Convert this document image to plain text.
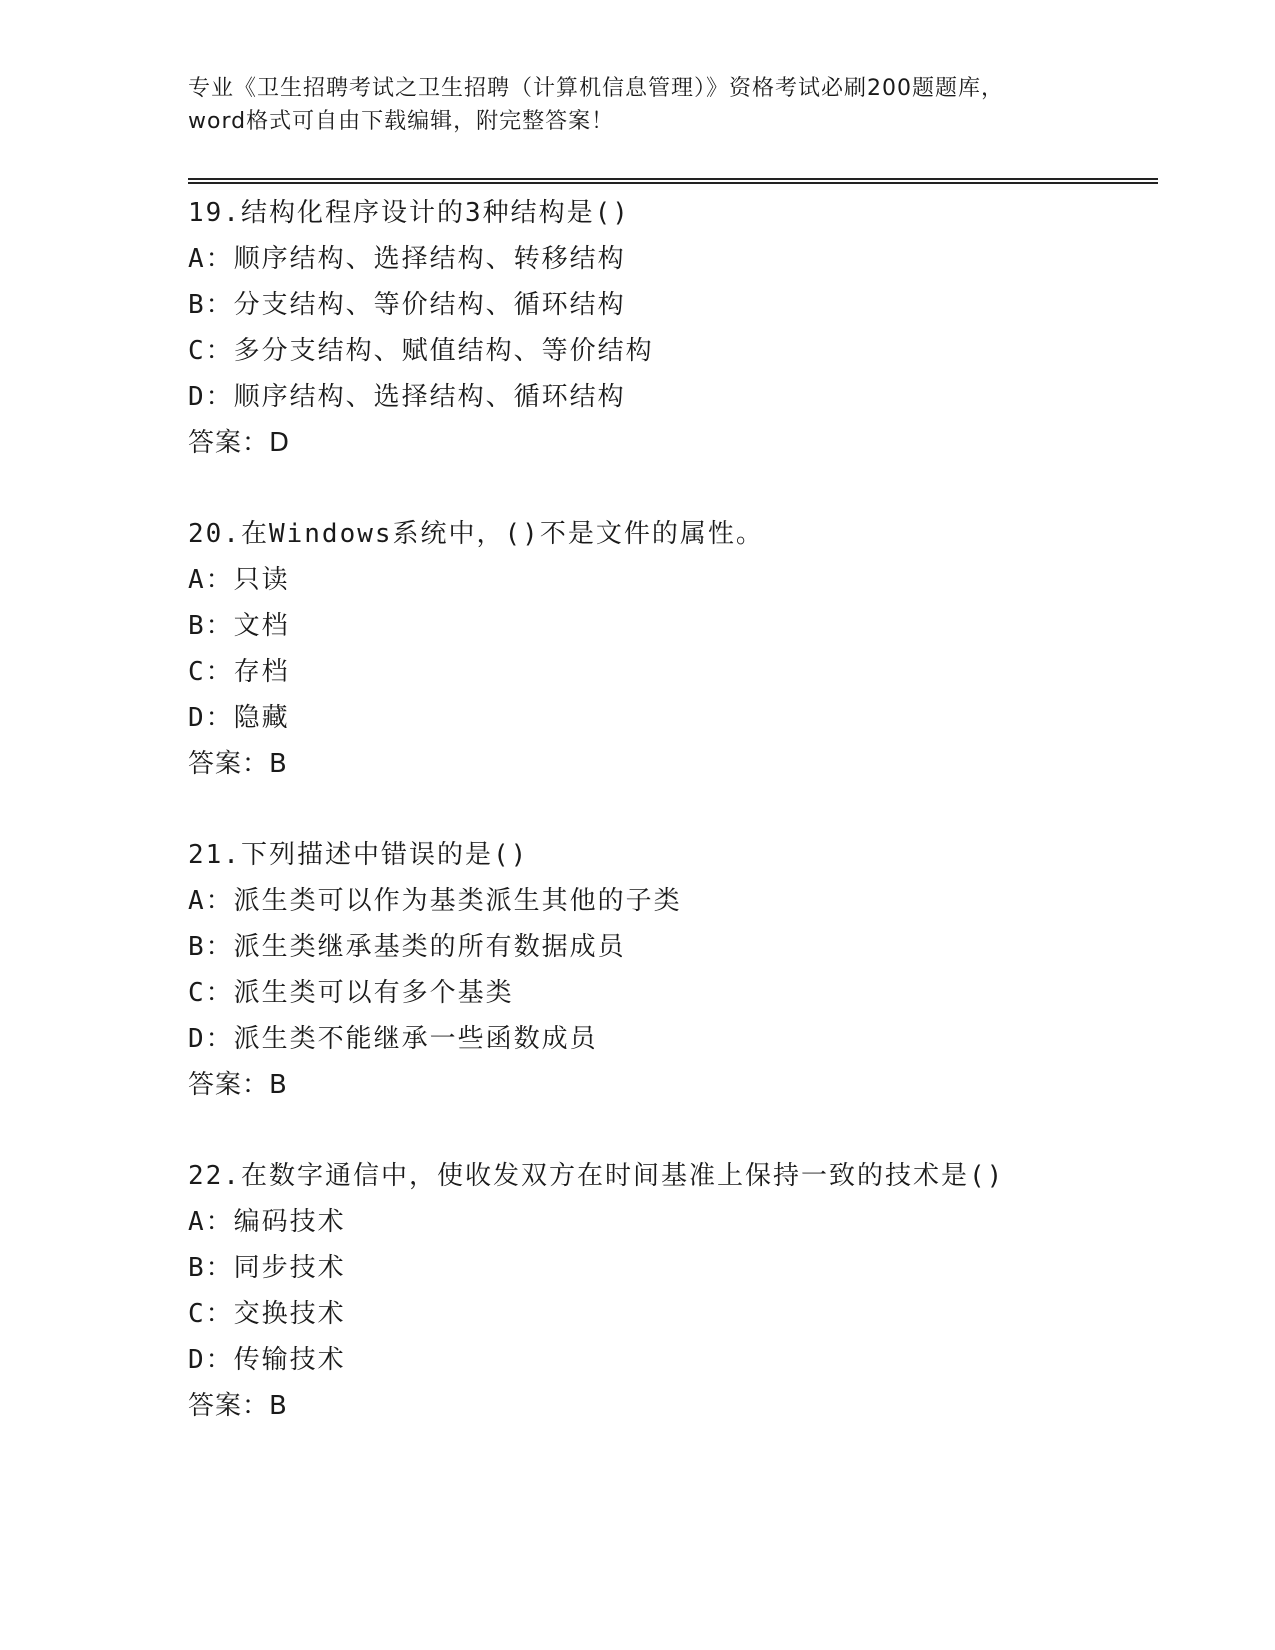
专业《卫生招聘考试之卫生招聘（计算机信息管理）》资格考试必刷200题题库，
word格式可自由下载编辑，附完整答案！
19.结构化程序设计的3种结构是()
A：顺序结构、选择结构、转移结构
B：分支结构、等价结构、循环结构
C：多分支结构、赋值结构、等价结构
D：顺序结构、选择结构、循环结构
答案：D
20.在Windows系统中，()不是文件的属性。
A：只读
B：文档
C：存档
D：隐藏
答案：B
21.下列描述中错误的是()
A：派生类可以作为基类派生其他的子类
B：派生类继承基类的所有数据成员
C：派生类可以有多个基类
D：派生类不能继承一些函数成员
答案：B
22.在数字通信中，使收发双方在时间基准上保持一致的技术是()
A：编码技术
B：同步技术
C：交换技术
D：传输技术
答案：B
